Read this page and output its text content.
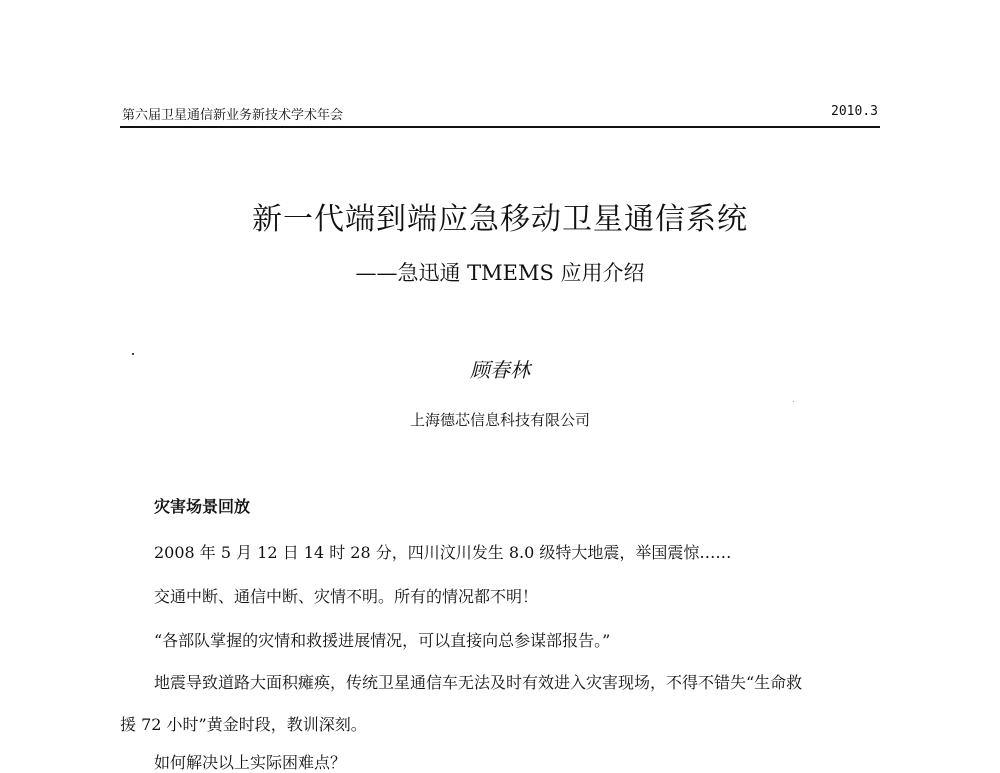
第六届卫星通信新业务新技术学术年会	2010.3
新一代端到端应急移动卫星通信系统
——急迅通 TMEMS 应用介绍
顾春林
上海德芯信息科技有限公司
灾害场景回放
2008 年 5 月 12 日 14 时 28 分，四川汶川发生 8.0 级特大地震，举国震惊……
交通中断、通信中断、灾情不明。所有的情况都不明！
“各部队掌握的灾情和救援进展情况，可以直接向总参谋部报告。”
地震导致道路大面积瘫痪，传统卫星通信车无法及时有效进入灾害现场，不得不错失“生命救
援 72 小时”黄金时段，教训深刻。
如何解决以上实际困难点？
